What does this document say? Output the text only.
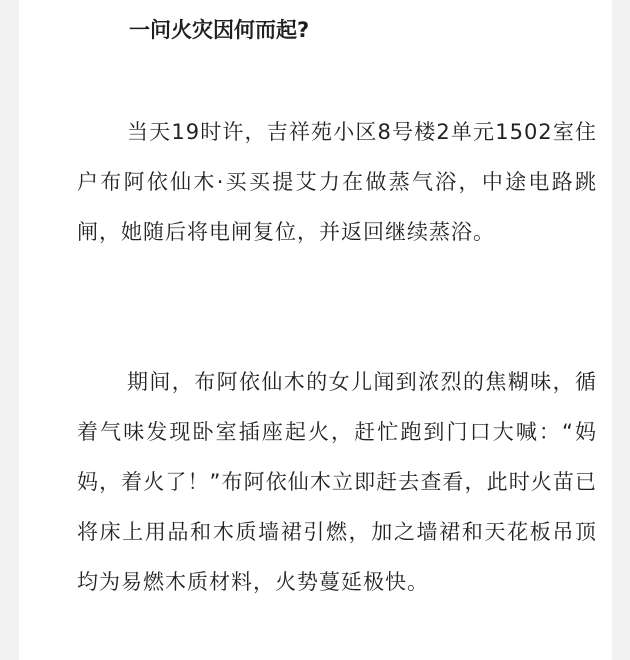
一问火灾因何而起?

当天19时许，吉祥苑小区8号楼2单元1502室住户布阿依仙木·买买提艾力在做蒸气浴，中途电路跳闸，她随后将电闸复位，并返回继续蒸浴。

期间，布阿依仙木的女儿闻到浓烈的焦糊味，循着气味发现卧室插座起火，赶忙跑到门口大喊：“妈妈，着火了！”布阿依仙木立即赶去查看，此时火苗已将床上用品和木质墙裙引燃，加之墙裙和天花板吊顶均为易燃木质材料，火势蔓延极快。
